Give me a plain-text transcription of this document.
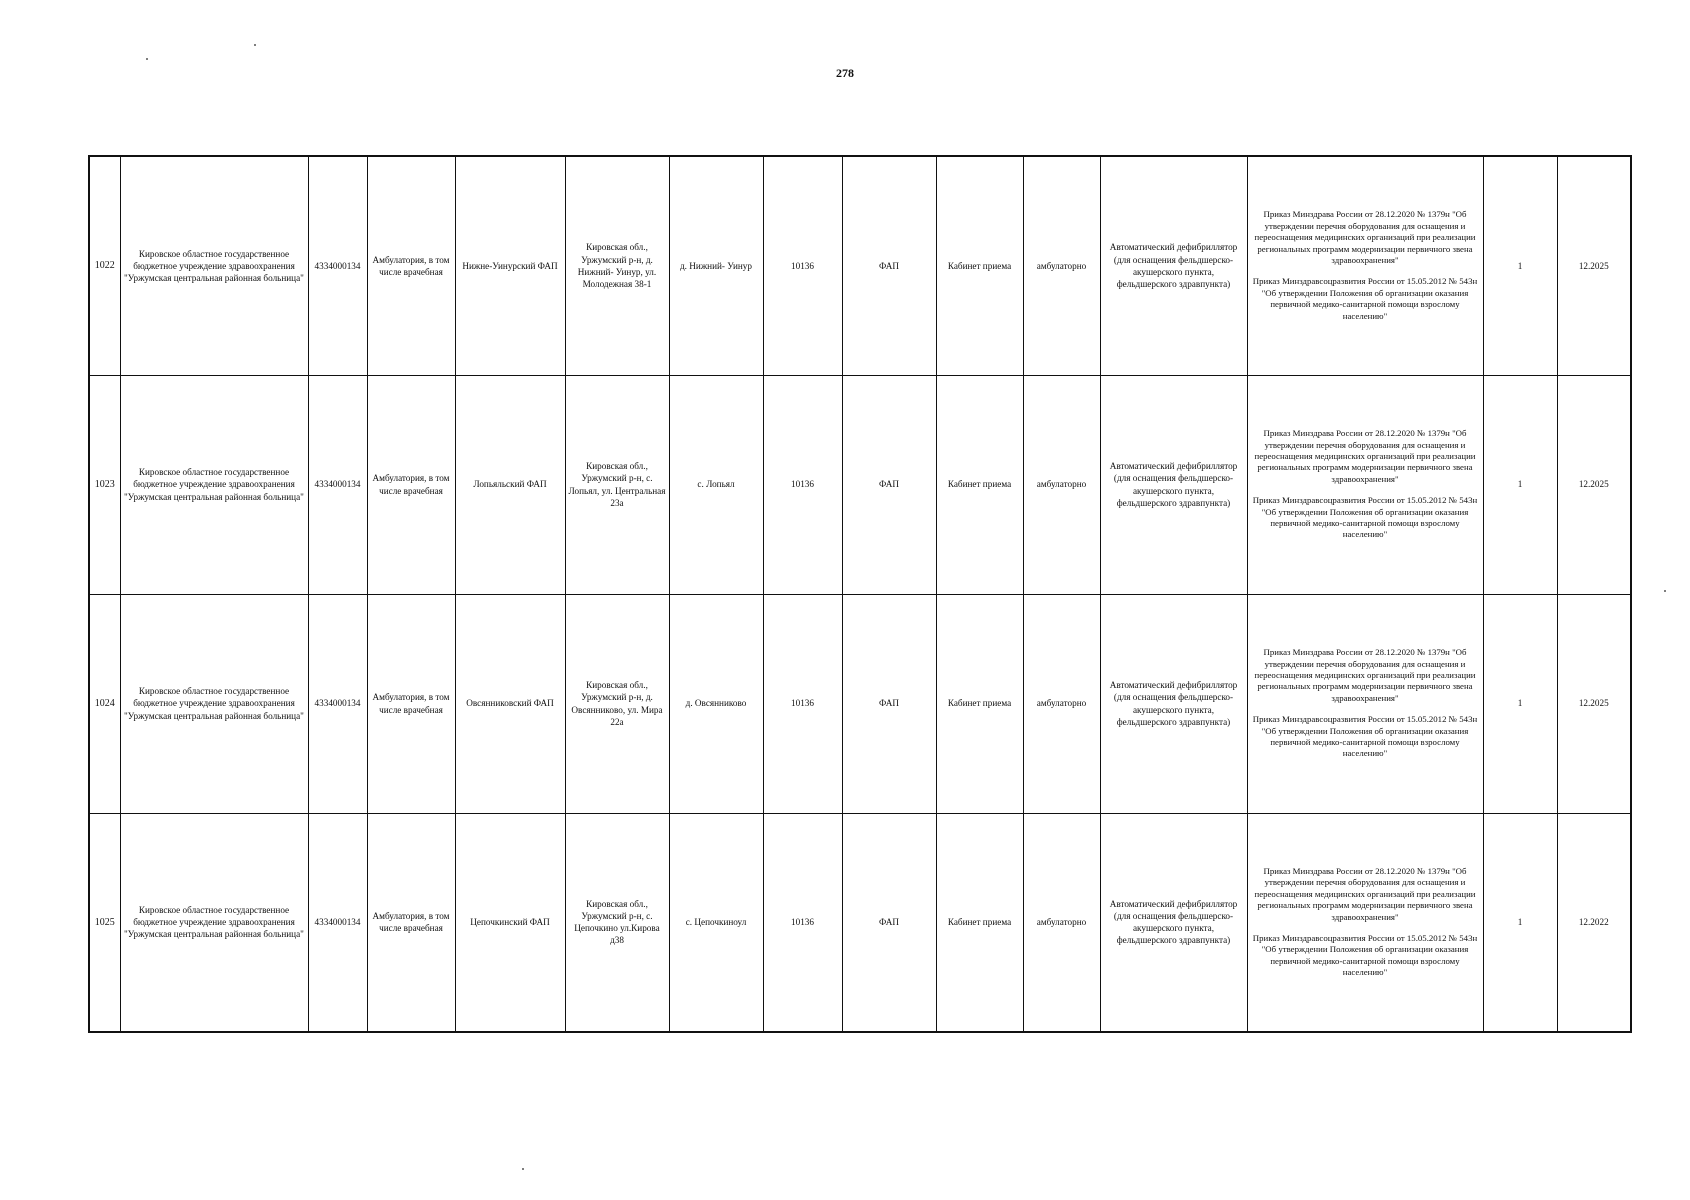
278
1022	Кировское областное государственное бюджетное учреждение здравоохранения "Уржумская центральная районная больница"	4334000134	Амбулатория, в том числе врачебная	Нижне-Уинурский ФАП	Кировская обл., Уржумский р-н, д. Нижний- Уинур, ул. Молодежная 38-1	д. Нижний- Уинур	10136	ФАП	Кабинет приема	амбулаторно	Автоматический дефибриллятор (для оснащения фельдшерско-акушерского пункта, фельдшерского здравпункта)	Приказ Минздрава России от 28.12.2020 № 1379н "Об утверждении перечня оборудования для оснащения и переоснащения медицинских организаций при реализации региональных программ модернизации первичного звена здравоохранения"
Приказ Минздравсоцразвития России от 15.05.2012 № 543н "Об утверждении Положения об организации оказания первичной медико-санитарной помощи взрослому населению"	1	12.2025
1023	Кировское областное государственное бюджетное учреждение здравоохранения "Уржумская центральная районная больница"	4334000134	Амбулатория, в том числе врачебная	Лопьяльский ФАП	Кировская обл., Уржумский р-н, с. Лопьял, ул. Центральная 23а	с. Лопьял	10136	ФАП	Кабинет приема	амбулаторно	Автоматический дефибриллятор (для оснащения фельдшерско-акушерского пункта, фельдшерского здравпункта)	Приказ Минздрава России от 28.12.2020 № 1379н "Об утверждении перечня оборудования для оснащения и переоснащения медицинских организаций при реализации региональных программ модернизации первичного звена здравоохранения"
Приказ Минздравсоцразвития России от 15.05.2012 № 543н "Об утверждении Положения об организации оказания первичной медико-санитарной помощи взрослому населению"	1	12.2025
1024	Кировское областное государственное бюджетное учреждение здравоохранения "Уржумская центральная районная больница"	4334000134	Амбулатория, в том числе врачебная	Овсянниковский ФАП	Кировская обл., Уржумский р-н, д. Овсянниково, ул. Мира 22а	д. Овсянниково	10136	ФАП	Кабинет приема	амбулаторно	Автоматический дефибриллятор (для оснащения фельдшерско-акушерского пункта, фельдшерского здравпункта)	Приказ Минздрава России от 28.12.2020 № 1379н "Об утверждении перечня оборудования для оснащения и переоснащения медицинских организаций при реализации региональных программ модернизации первичного звена здравоохранения"
Приказ Минздравсоцразвития России от 15.05.2012 № 543н "Об утверждении Положения об организации оказания первичной медико-санитарной помощи взрослому населению"	1	12.2025
1025	Кировское областное государственное бюджетное учреждение здравоохранения "Уржумская центральная районная больница"	4334000134	Амбулатория, в том числе врачебная	Цепочкинский ФАП	Кировская обл., Уржумский р-н, с. Цепочкино ул.Кирова д38	с. Цепочкиноул	10136	ФАП	Кабинет приема	амбулаторно	Автоматический дефибриллятор (для оснащения фельдшерско-акушерского пункта, фельдшерского здравпункта)	Приказ Минздрава России от 28.12.2020 № 1379н "Об утверждении перечня оборудования для оснащения и переоснащения медицинских организаций при реализации региональных программ модернизации первичного звена здравоохранения"
Приказ Минздравсоцразвития России от 15.05.2012 № 543н "Об утверждении Положения об организации оказания первичной медико-санитарной помощи взрослому населению"	1	12.2022
